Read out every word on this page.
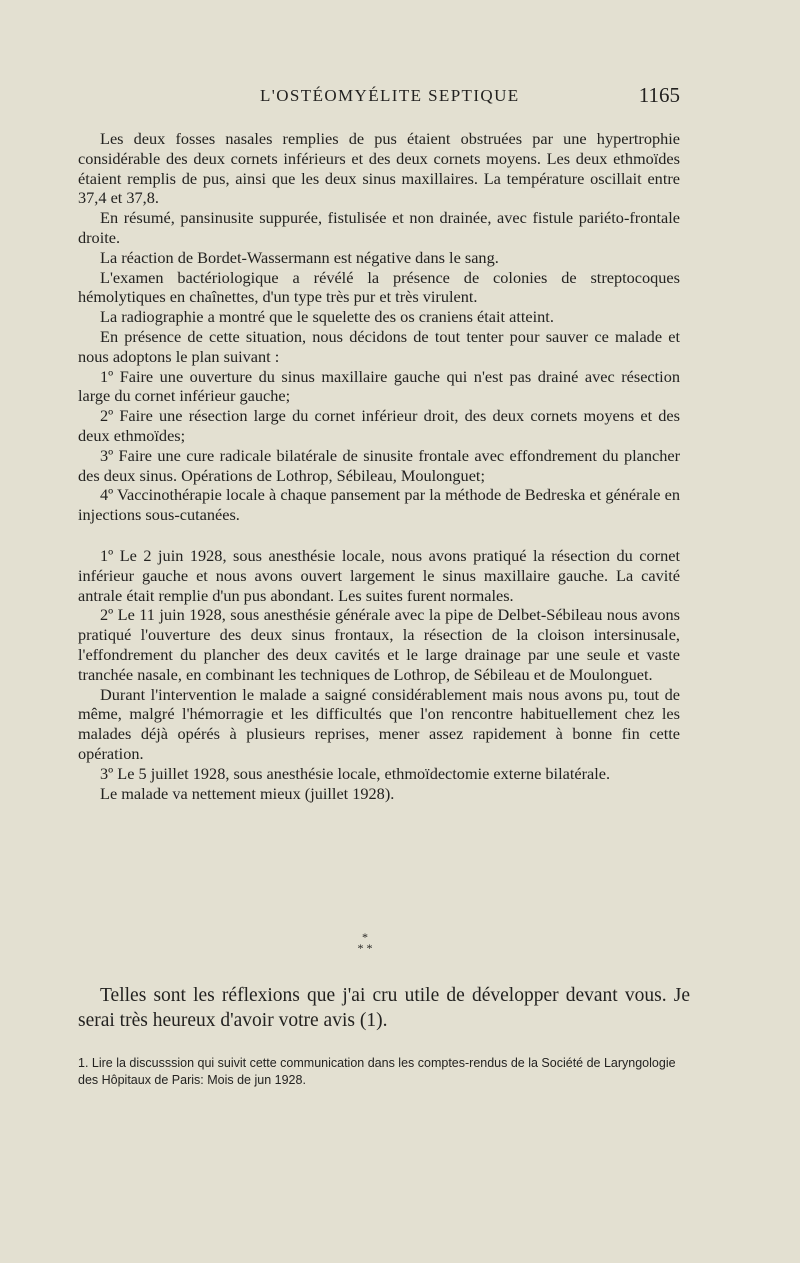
L'OSTÉOMYÉLITE SEPTIQUE	1165

Les deux fosses nasales remplies de pus étaient obstruées par une hypertrophie considérable des deux cornets inférieurs et des deux cornets moyens. Les deux ethmoïdes étaient remplis de pus, ainsi que les deux sinus maxillaires. La température oscillait entre 37,4 et 37,8.

En résumé, pansinusite suppurée, fistulisée et non drainée, avec fistule pariéto-frontale droite.

La réaction de Bordet-Wassermann est négative dans le sang.

L'examen bactériologique a révélé la présence de colonies de streptocoques hémolytiques en chaînettes, d'un type très pur et très virulent.

La radiographie a montré que le squelette des os craniens était atteint.

En présence de cette situation, nous décidons de tout tenter pour sauver ce malade et nous adoptons le plan suivant :

1º Faire une ouverture du sinus maxillaire gauche qui n'est pas drainé avec résection large du cornet inférieur gauche;

2º Faire une résection large du cornet inférieur droit, des deux cornets moyens et des deux ethmoïdes;

3º Faire une cure radicale bilatérale de sinusite frontale avec effondrement du plancher des deux sinus. Opérations de Lothrop, Sébileau, Moulonguet;

4º Vaccinothérapie locale à chaque pansement par la méthode de Bedreska et générale en injections sous-cutanées.

1º Le 2 juin 1928, sous anesthésie locale, nous avons pratiqué la résection du cornet inférieur gauche et nous avons ouvert largement le sinus maxillaire gauche. La cavité antrale était remplie d'un pus abondant. Les suites furent normales.

2º Le 11 juin 1928, sous anesthésie générale avec la pipe de Delbet-Sébileau nous avons pratiqué l'ouverture des deux sinus frontaux, la résection de la cloison intersinusale, l'effondrement du plancher des deux cavités et le large drainage par une seule et vaste tranchée nasale, en combinant les techniques de Lothrop, de Sébileau et de Moulonguet.

Durant l'intervention le malade a saigné considérablement mais nous avons pu, tout de même, malgré l'hémorragie et les difficultés que l'on rencontre habituellement chez les malades déjà opérés à plusieurs reprises, mener assez rapidement à bonne fin cette opération.

3º Le 5 juillet 1928, sous anesthésie locale, ethmoïdectomie externe bilatérale.

Le malade va nettement mieux (juillet 1928).

*
* *

Telles sont les réflexions que j'ai cru utile de développer devant vous. Je serai très heureux d'avoir votre avis (1).

1. Lire la discusssion qui suivit cette communication dans les comptes-rendus de la Société de Laryngologie des Hôpitaux de Paris: Mois de jun 1928.
